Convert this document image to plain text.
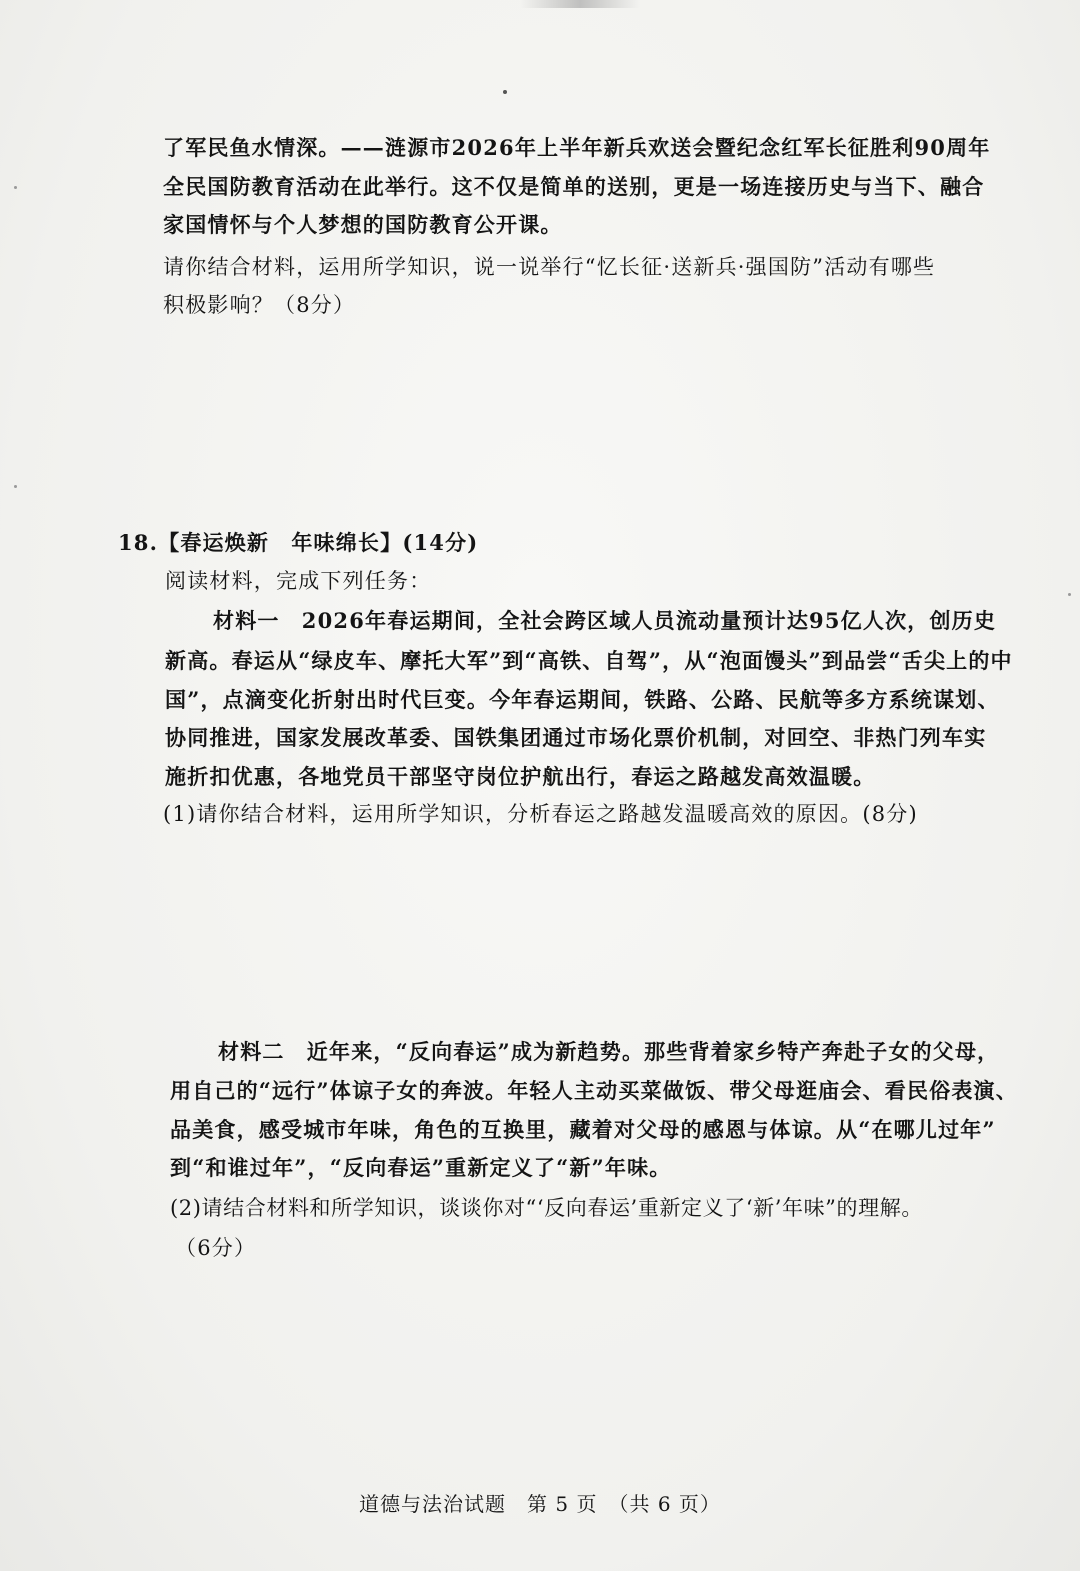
了军民鱼水情深。——涟源市2026年上半年新兵欢送会暨纪念红军长征胜利90周年
全民国防教育活动在此举行。这不仅是简单的送别，更是一场连接历史与当下、融合
家国情怀与个人梦想的国防教育公开课。
请你结合材料，运用所学知识，说一说举行“忆长征·送新兵·强国防”活动有哪些
积极影响？（8分）
18.【春运焕新　年味绵长】(14分)
阅读材料，完成下列任务：
材料一　2026年春运期间，全社会跨区域人员流动量预计达95亿人次，创历史
新高。春运从“绿皮车、摩托大军”到“高铁、自驾”，从“泡面馒头”到品尝“舌尖上的中
国”，点滴变化折射出时代巨变。今年春运期间，铁路、公路、民航等多方系统谋划、
协同推进，国家发展改革委、国铁集团通过市场化票价机制，对回空、非热门列车实
施折扣优惠，各地党员干部坚守岗位护航出行，春运之路越发高效温暖。
(1)请你结合材料，运用所学知识，分析春运之路越发温暖高效的原因。(8分)
材料二　近年来，“反向春运”成为新趋势。那些背着家乡特产奔赴子女的父母，
用自己的“远行”体谅子女的奔波。年轻人主动买菜做饭、带父母逛庙会、看民俗表演、
品美食，感受城市年味，角色的互换里，藏着对父母的感恩与体谅。从“在哪儿过年”
到“和谁过年”，“反向春运”重新定义了“新”年味。
(2)请结合材料和所学知识，谈谈你对“‘反向春运’重新定义了‘新’年味”的理解。
（6分）
道德与法治试题　第 5 页　（共 6 页）
